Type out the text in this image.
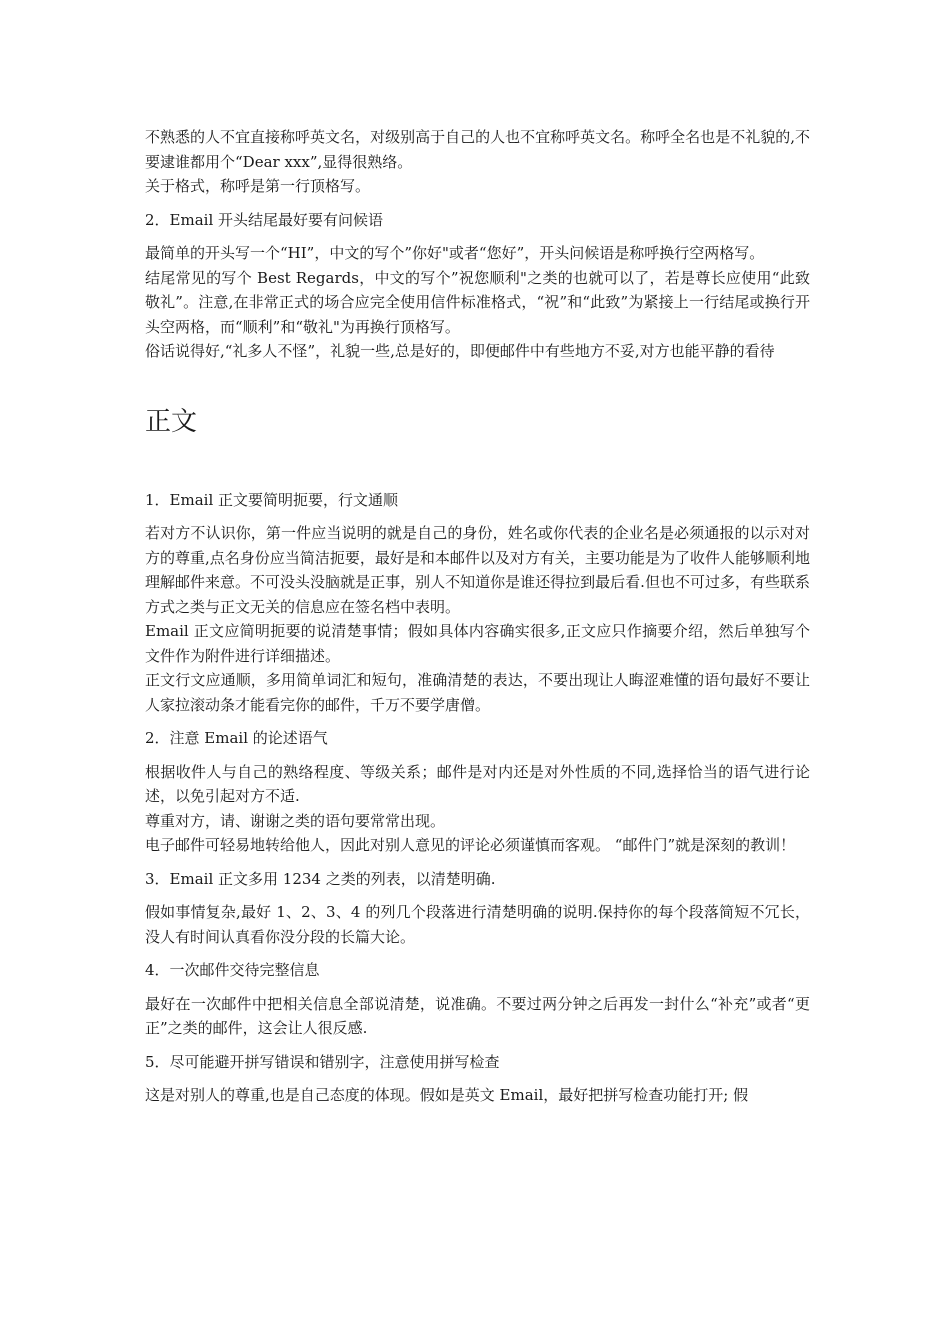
不熟悉的人不宜直接称呼英文名，对级别高于自己的人也不宜称呼英文名。称呼全名也是不礼貌的,不要逮谁都用个“Dear xxx”,显得很熟络。

关于格式，称呼是第一行顶格写。

2．Email 开头结尾最好要有问候语

最简单的开头写一个“HI”，中文的写个”你好"或者“您好”，开头问候语是称呼换行空两格写。

结尾常见的写个 Best Regards，中文的写个”祝您顺利"之类的也就可以了，若是尊长应使用“此致敬礼”。注意,在非常正式的场合应完全使用信件标准格式，“祝”和“此致”为紧接上一行结尾或换行开头空两格，而“顺利”和“敬礼"为再换行顶格写。

俗话说得好,“礼多人不怪”，礼貌一些,总是好的，即便邮件中有些地方不妥,对方也能平静的看待

正文

1．Email 正文要简明扼要，行文通顺

若对方不认识你，第一件应当说明的就是自己的身份，姓名或你代表的企业名是必须通报的以示对对方的尊重,点名身份应当简洁扼要，最好是和本邮件以及对方有关，主要功能是为了收件人能够顺利地理解邮件来意。不可没头没脑就是正事，别人不知道你是谁还得拉到最后看.但也不可过多，有些联系方式之类与正文无关的信息应在签名档中表明。

Email 正文应简明扼要的说清楚事情；假如具体内容确实很多,正文应只作摘要介绍，然后单独写个文件作为附件进行详细描述。

正文行文应通顺，多用简单词汇和短句，准确清楚的表达，不要出现让人晦涩难懂的语句最好不要让人家拉滚动条才能看完你的邮件，千万不要学唐僧。

2．注意 Email 的论述语气

根据收件人与自己的熟络程度、等级关系；邮件是对内还是对外性质的不同,选择恰当的语气进行论述，以免引起对方不适.

尊重对方，请、谢谢之类的语句要常常出现。

电子邮件可轻易地转给他人，因此对别人意见的评论必须谨慎而客观。 “邮件门”就是深刻的教训！

3．Email 正文多用 1234 之类的列表，以清楚明确.

假如事情复杂,最好 1、2、3、4 的列几个段落进行清楚明确的说明.保持你的每个段落简短不冗长，没人有时间认真看你没分段的长篇大论。

4．一次邮件交待完整信息

最好在一次邮件中把相关信息全部说清楚，说准确。不要过两分钟之后再发一封什么“补充”或者“更正”之类的邮件，这会让人很反感.

5．尽可能避开拼写错误和错别字，注意使用拼写检查

这是对别人的尊重,也是自己态度的体现。假如是英文 Email，最好把拼写检查功能打开; 假
